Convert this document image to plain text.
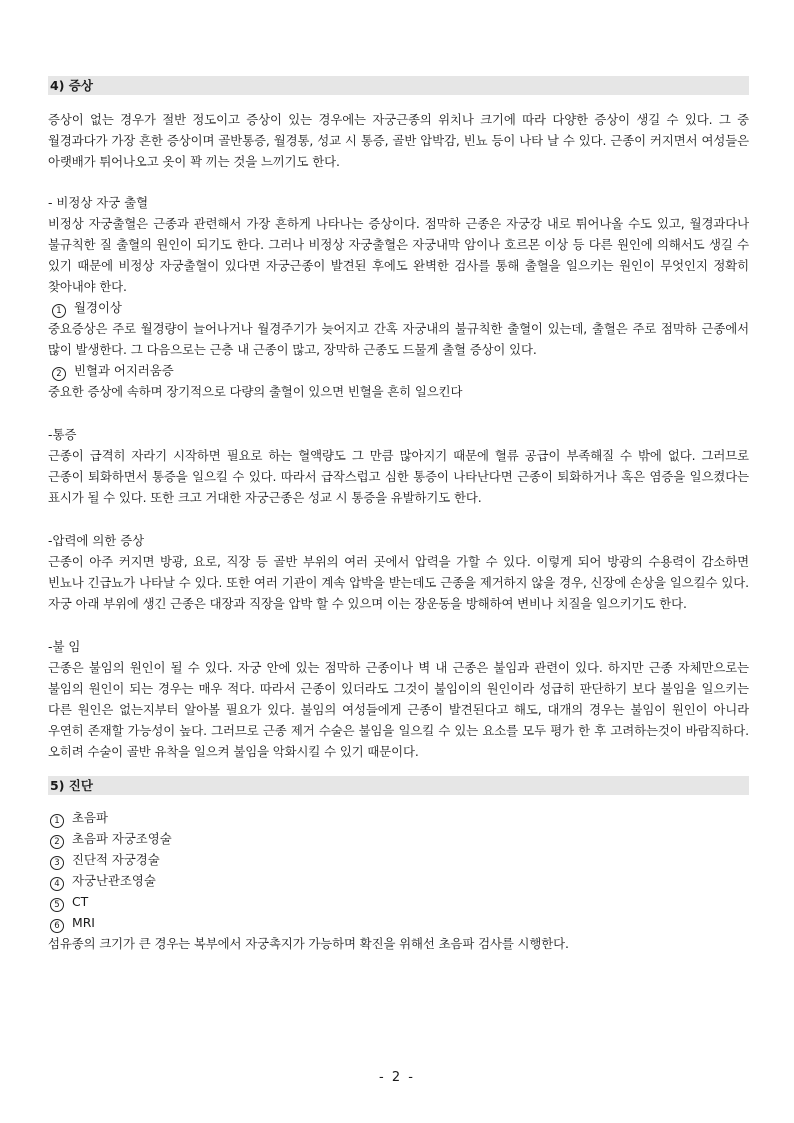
4) 증상

증상이 없는 경우가 절반 정도이고 증상이 있는 경우에는 자궁근종의 위치나 크기에 따라 다양한 증상이 생길 수 있다. 그 중 월경과다가 가장 흔한 증상이며 골반통증, 월경통, 성교 시 통증, 골반 압박감, 빈뇨 등이 나타 날 수 있다. 근종이 커지면서 여성들은 아랫배가 튀어나오고 옷이 꽉 끼는 것을 느끼기도 한다.

- 비정상 자궁 출혈

비정상 자궁출혈은 근종과 관련해서 가장 흔하게 나타나는 증상이다. 점막하 근종은 자궁강 내로 튀어나올 수도 있고, 월경과다나 불규칙한 질 출혈의 원인이 되기도 한다. 그러나 비정상 자궁출혈은 자궁내막 암이나 호르몬 이상 등 다른 원인에 의해서도 생길 수 있기 때문에 비정상 자궁출혈이 있다면 자궁근종이 발견된 후에도 완벽한 검사를 통해 출혈을 일으키는 원인이 무엇인지 정확히 찾아내야 한다.

1 월경이상

중요증상은 주로 월경량이 늘어나거나 월경주기가 늦어지고 간혹 자궁내의 불규칙한 출혈이 있는데, 출혈은 주로 점막하 근종에서 많이 발생한다. 그 다음으로는 근층 내 근종이 많고, 장막하 근종도 드물게 출혈 증상이 있다.

2 빈혈과 어지러움증

중요한 증상에 속하며 장기적으로 다량의 출혈이 있으면 빈혈을 흔히 일으킨다

-통증

근종이 급격히 자라기 시작하면 필요로 하는 혈액량도 그 만큼 많아지기 때문에 혈류 공급이 부족해질 수 밖에 없다. 그러므로 근종이 퇴화하면서 통증을 일으킬 수 있다. 따라서 급작스럽고 심한 통증이 나타난다면 근종이 퇴화하거나 혹은 염증을 일으켰다는 표시가 될 수 있다. 또한 크고 거대한 자궁근종은 성교 시 통증을 유발하기도 한다.

-압력에 의한 증상

근종이 아주 커지면 방광, 요로, 직장 등 골반 부위의 여러 곳에서 압력을 가할 수 있다. 이렇게 되어 방광의 수용력이 감소하면 빈뇨나 긴급뇨가 나타날 수 있다. 또한 여러 기관이 계속 압박을 받는데도 근종을 제거하지 않을 경우, 신장에 손상을 일으킬수 있다. 자궁 아래 부위에 생긴 근종은 대장과 직장을 압박 할 수 있으며 이는 장운동을 방해하여 변비나 치질을 일으키기도 한다.

-불 임

근종은 불임의 원인이 될 수 있다. 자궁 안에 있는 점막하 근종이나 벽 내 근종은 불임과 관련이 있다. 하지만 근종 자체만으로는 불임의 원인이 되는 경우는 매우 적다. 따라서 근종이 있더라도 그것이 불임이의 원인이라 성급히 판단하기 보다 불임을 일으키는 다른 원인은 없는지부터 알아볼 필요가 있다. 불임의 여성들에게 근종이 발견된다고 해도, 대개의 경우는 불임이 원인이 아니라 우연히 존재할 가능성이 높다. 그러므로 근종 제거 수술은 불임을 일으킬 수 있는 요소를 모두 평가 한 후 고려하는것이 바람직하다. 오히려 수술이 골반 유착을 일으켜 불임을 악화시킬 수 있기 때문이다.

5) 진단
1 초음파
2 초음파 자궁조영술
3 진단적 자궁경술
4 자궁난관조영술
5 CT
6 MRI

섬유종의 크기가 큰 경우는 복부에서 자궁촉지가 가능하며 확진을 위해선 초음파 검사를 시행한다.

- 2 -
